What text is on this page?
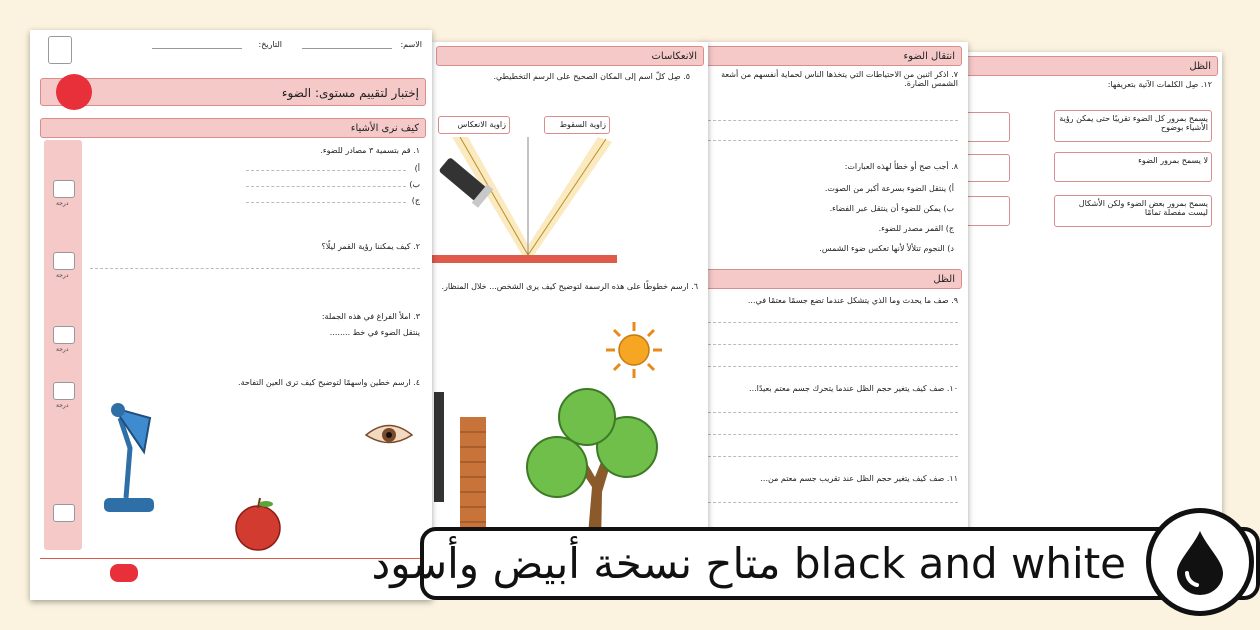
الظل
١٢. صِل الكلمات الآتية بتعريفها:
يسمح بمرور كل الضوء تقريبًا حتى يمكن رؤية الأشياء بوضوح
لا يسمح بمرور الضوء
يسمح بمرور بعض الضوء ولكن الأشكال ليست مفصلة تمامًا
انتقال الضوء
٧. اذكر اثنين من الاحتياطات التي يتخذها الناس لحماية أنفسهم من أشعة الشمس الضارة.
٨. أجب صح أو خطأ لهذه العبارات:
أ) ينتقل الضوء بسرعة أكبر من الصوت.
ب) يمكن للضوء أن ينتقل عبر الفضاء.
ج) القمر مصدر للضوء.
د) النجوم تتلألأ لأنها تعكس ضوء الشمس.
الظل
٩. صف ما يحدث وما الذي يتشكل عندما تضع جسمًا معتمًا في...
١٠. صف كيف يتغير حجم الظل عندما يتحرك جسم معتم بعيدًا...
١١. صف كيف يتغير حجم الظل عند تقريب جسم معتم من...
الانعكاسات
٥. صِل كلّ اسم إلى المكان الصحيح على الرسم التخطيطي.
زاوية السقوط
زاوية الانعكاس
٦. ارسم خطوطًا على هذه الرسمة لتوضيح كيف يرى الشخص... خلال المنظار.
الاسم:
التاريخ:
إختبار لتقييم مستوى: الضوء
كيف نرى الأشياء
درجة
درجة
درجة
درجة
١. قم بتسمية ٣ مصادر للضوء.
أ)
ب)
ج)
٢. كيف يمكننا رؤية القمر ليلًا؟
٣. املأ الفراغ في هذه الجملة:
ينتقل الضوء في خط ........
٤. ارسم خطين واسهمًا لتوضيح كيف ترى العين التفاحة.
متاح نسخة أبيض وأسود black and white
